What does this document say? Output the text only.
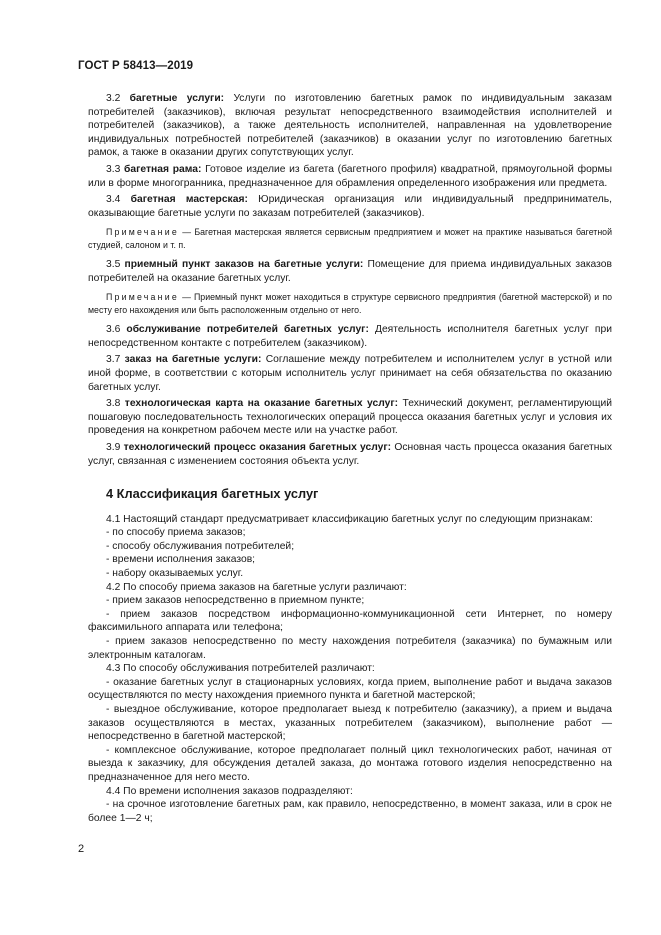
ГОСТ Р 58413—2019

3.2 багетные услуги: Услуги по изготовлению багетных рамок по индивидуальным заказам потребителей (заказчиков), включая результат непосредственного взаимодействия исполнителей и потребителей (заказчиков), а также деятельность исполнителей, направленная на удовлетворение индивидуальных потребностей потребителей (заказчиков) в оказании услуг по изготовлению багетных рамок, а также в оказании других сопутствующих услуг.

3.3 багетная рама: Готовое изделие из багета (багетного профиля) квадратной, прямоугольной формы или в форме многогранника, предназначенное для обрамления определенного изображения или предмета.

3.4 багетная мастерская: Юридическая организация или индивидуальный предприниматель, оказывающие багетные услуги по заказам потребителей (заказчиков).

Примечание — Багетная мастерская является сервисным предприятием и может на практике называться багетной студией, салоном и т. п.

3.5 приемный пункт заказов на багетные услуги: Помещение для приема индивидуальных заказов потребителей на оказание багетных услуг.

Примечание — Приемный пункт может находиться в структуре сервисного предприятия (багетной мастерской) и по месту его нахождения или быть расположенным отдельно от него.

3.6 обслуживание потребителей багетных услуг: Деятельность исполнителя багетных услуг при непосредственном контакте с потребителем (заказчиком).

3.7 заказ на багетные услуги: Соглашение между потребителем и исполнителем услуг в устной или иной форме, в соответствии с которым исполнитель услуг принимает на себя обязательства по оказанию багетных услуг.

3.8 технологическая карта на оказание багетных услуг: Технический документ, регламентирующий пошаговую последовательность технологических операций процесса оказания багетных услуг и условия их проведения на конкретном рабочем месте или на участке работ.

3.9 технологический процесс оказания багетных услуг: Основная часть процесса оказания багетных услуг, связанная с изменением состояния объекта услуг.

4 Классификация багетных услуг

4.1 Настоящий стандарт предусматривает классификацию багетных услуг по следующим признакам:

- по способу приема заказов;

- способу обслуживания потребителей;

- времени исполнения заказов;

- набору оказываемых услуг.

4.2 По способу приема заказов на багетные услуги различают:

- прием заказов непосредственно в приемном пункте;

- прием заказов посредством информационно-коммуникационной сети Интернет, по номеру факсимильного аппарата или телефона;

- прием заказов непосредственно по месту нахождения потребителя (заказчика) по бумажным или электронным каталогам.

4.3 По способу обслуживания потребителей различают:

- оказание багетных услуг в стационарных условиях, когда прием, выполнение работ и выдача заказов осуществляются по месту нахождения приемного пункта и багетной мастерской;

- выездное обслуживание, которое предполагает выезд к потребителю (заказчику), а прием и выдача заказов осуществляются в местах, указанных потребителем (заказчиком), выполнение работ — непосредственно в багетной мастерской;

- комплексное обслуживание, которое предполагает полный цикл технологических работ, начиная от выезда к заказчику, для обсуждения деталей заказа, до монтажа готового изделия непосредственно на предназначенное для него место.

4.4 По времени исполнения заказов подразделяют:

- на срочное изготовление багетных рам, как правило, непосредственно, в момент заказа, или в срок не более 1—2 ч;

2
